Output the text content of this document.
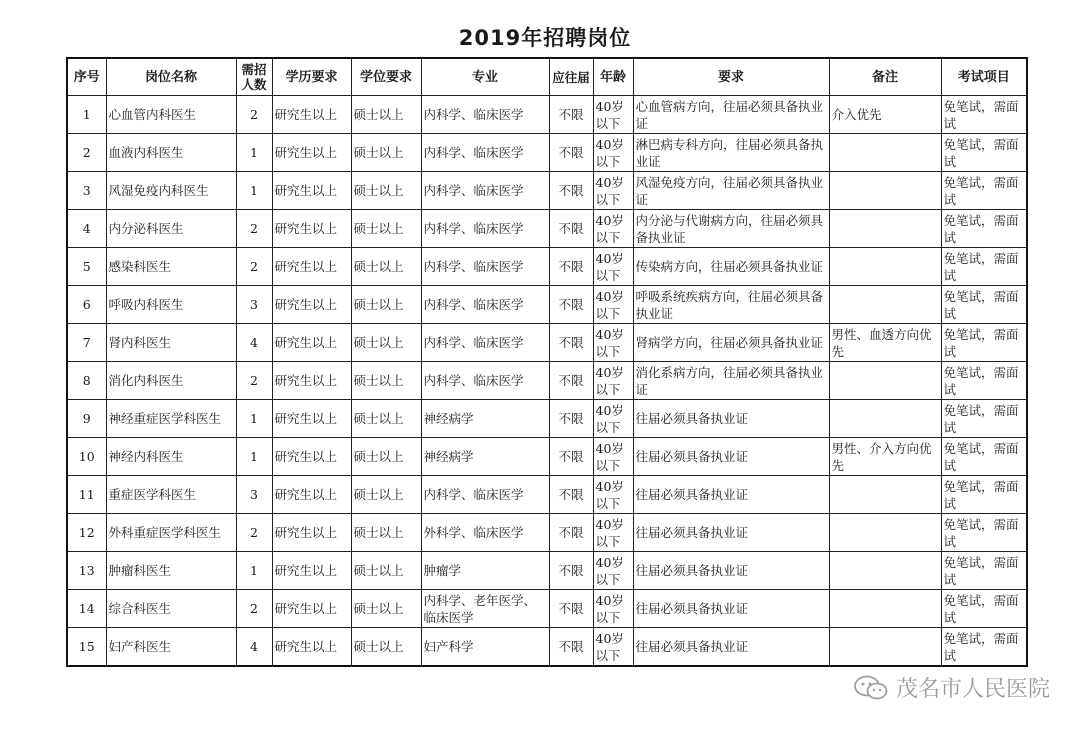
2019年招聘岗位
序号	岗位名称	需招人数	学历要求	学位要求	专业	应往届	年龄	要求	备注	考试项目
1	心血管内科医生	2	研究生以上	硕士以上	内科学、临床医学	不限	40岁以下	心血管病方向，往届必须具备执业证	介入优先	免笔试，需面试
2	血液内科医生	1	研究生以上	硕士以上	内科学、临床医学	不限	40岁以下	淋巴病专科方向，往届必须具备执业证		免笔试，需面试
3	风湿免疫内科医生	1	研究生以上	硕士以上	内科学、临床医学	不限	40岁以下	风湿免疫方向，往届必须具备执业证		免笔试，需面试
4	内分泌科医生	2	研究生以上	硕士以上	内科学、临床医学	不限	40岁以下	内分泌与代谢病方向，往届必须具备执业证		免笔试，需面试
5	感染科医生	2	研究生以上	硕士以上	内科学、临床医学	不限	40岁以下	传染病方向，往届必须具备执业证		免笔试，需面试
6	呼吸内科医生	3	研究生以上	硕士以上	内科学、临床医学	不限	40岁以下	呼吸系统疾病方向，往届必须具备执业证		免笔试，需面试
7	肾内科医生	4	研究生以上	硕士以上	内科学、临床医学	不限	40岁以下	肾病学方向，往届必须具备执业证	男性、血透方向优先	免笔试，需面试
8	消化内科医生	2	研究生以上	硕士以上	内科学、临床医学	不限	40岁以下	消化系病方向，往届必须具备执业证		免笔试，需面试
9	神经重症医学科医生	1	研究生以上	硕士以上	神经病学	不限	40岁以下	往届必须具备执业证		免笔试，需面试
10	神经内科医生	1	研究生以上	硕士以上	神经病学	不限	40岁以下	往届必须具备执业证	男性、介入方向优先	免笔试，需面试
11	重症医学科医生	3	研究生以上	硕士以上	内科学、临床医学	不限	40岁以下	往届必须具备执业证		免笔试，需面试
12	外科重症医学科医生	2	研究生以上	硕士以上	外科学、临床医学	不限	40岁以下	往届必须具备执业证		免笔试，需面试
13	肿瘤科医生	1	研究生以上	硕士以上	肿瘤学	不限	40岁以下	往届必须具备执业证		免笔试，需面试
14	综合科医生	2	研究生以上	硕士以上	内科学、老年医学、临床医学	不限	40岁以下	往届必须具备执业证		免笔试，需面试
15	妇产科医生	4	研究生以上	硕士以上	妇产科学	不限	40岁以下	往届必须具备执业证		免笔试，需面试
茂名市人民医院
